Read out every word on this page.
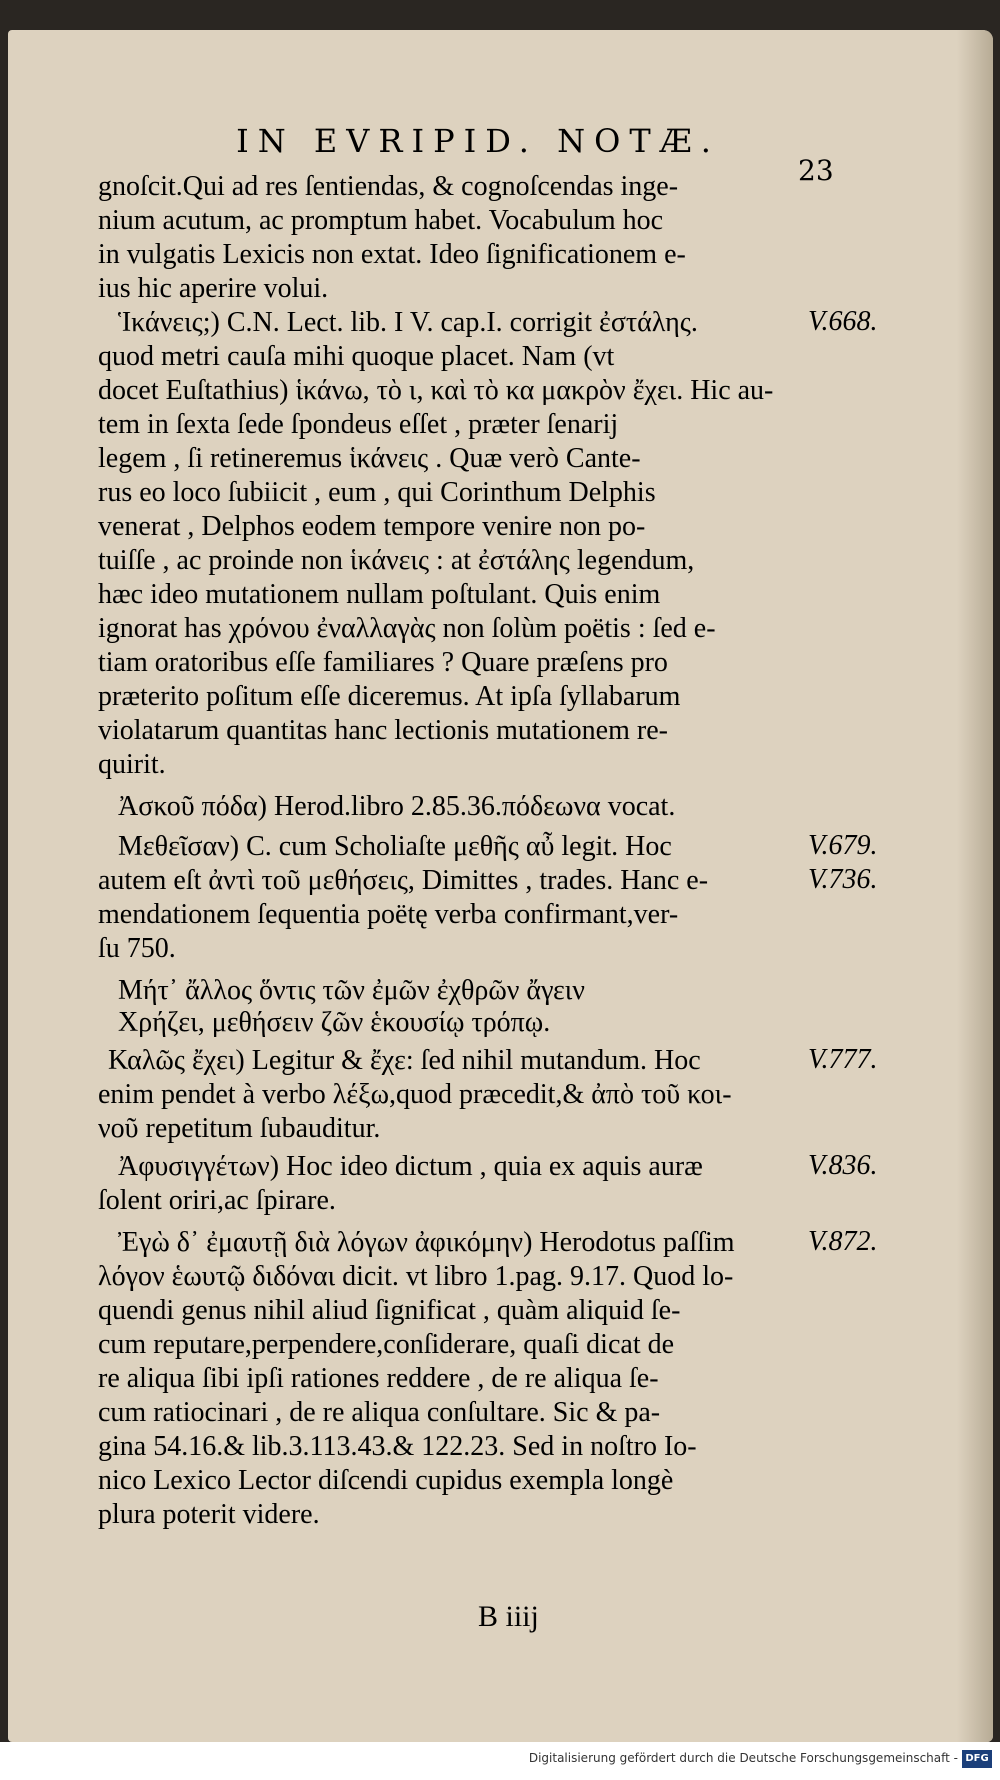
IN EVRIPID. NOTÆ.
23
gnoſcit.Qui ad res ſentiendas, & cognoſcendas inge-
nium acutum, ac promptum habet. Vocabulum hoc
in vulgatis Lexicis non extat. Ideo ſignificationem e-
ius hic aperire volui.
Ἱκάνεις;) C.N. Lect. lib. I V. cap.I. corrigit ἐστάλης.
quod metri cauſa mihi quoque placet. Nam (vt
docet Euſtathius) ἱκάνω, τὸ ι, καὶ τὸ κα μακρὸν ἔχει. Hic au-
tem in ſexta ſede ſpondeus eſſet , præter ſenarij
legem , ſi retineremus ἱκάνεις . Quæ verò Cante-
rus eo loco ſubiicit , eum , qui Corinthum Delphis
venerat , Delphos eodem tempore venire non po-
tuiſſe , ac proinde non ἱκάνεις : at ἐστάλης legendum,
hæc ideo mutationem nullam poſtulant. Quis enim
ignorat has χρόνου ἐναλλαγὰς non ſolùm poëtis : ſed e-
tiam oratoribus eſſe familiares ? Quare præſens pro
præterito poſitum eſſe diceremus. At ipſa ſyllabarum
violatarum quantitas hanc lectionis mutationem re-
quirit.
Ἀσκοῦ πόδα) Herod.libro 2.85.36.πόδεωνα vocat.
Μεθεῖσαν) C. cum Scholiaſte μεθῆς αὖ legit. Hoc
autem eſt ἀντὶ τοῦ μεθήσεις, Dimittes , trades. Hanc e-
mendationem ſequentia poëtę verba confirmant,ver-
ſu 750.
Μήτ᾽ ἄλλος ὅντις τῶν ἐμῶν ἐχθρῶν ἄγειν
Χρήζει, μεθήσειν ζῶν ἑκουσίῳ τρόπῳ.
Καλῶς ἔχει) Legitur & ἔχε: ſed nihil mutandum. Hoc
enim pendet à verbo λέξω,quod præcedit,& ἀπὸ τοῦ κοι-
νοῦ repetitum ſubauditur.
Ἀφυσιγγέτων) Hoc ideo dictum , quia ex aquis auræ
ſolent oriri,ac ſpirare.
Ἐγὼ δ᾽ ἐμαυτῇ διὰ λόγων ἀφικόμην) Herodotus paſſim
λόγον ἑωυτῷ διδόναι dicit. vt libro 1.pag. 9.17. Quod lo-
quendi genus nihil aliud ſignificat , quàm aliquid ſe-
cum reputare,perpendere,conſiderare, quaſi dicat de
re aliqua ſibi ipſi rationes reddere , de re aliqua ſe-
cum ratiocinari , de re aliqua conſultare. Sic & pa-
gina 54.16.& lib.3.113.43.& 122.23. Sed in noſtro Io-
nico Lexico Lector diſcendi cupidus exempla longè
plura poterit videre.
V.668.
V.679.
V.736.
V.777.
V.836.
V.872.
B iiij
Digitalisierung gefördert durch die Deutsche Forschungsgemeinschaft - DFG
